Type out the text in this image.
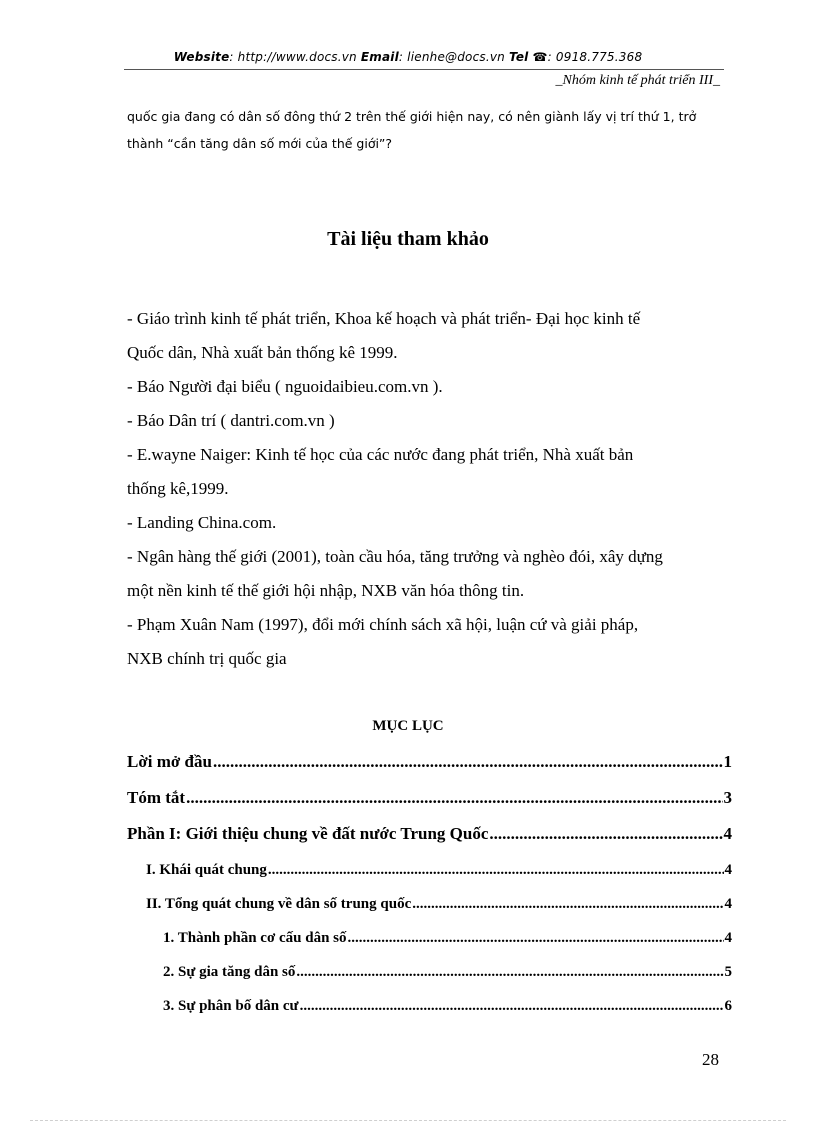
Website: http://www.docs.vn Email: lienhe@docs.vn Tel ☎: 0918.775.368
_Nhóm kinh tế phát triển III_
quốc gia đang có dân số đông thứ 2 trên thế giới hiện nay, có nên giành lấy vị trí thứ 1, trở
thành “cần tăng dân số mới của thế giới”?
Tài liệu tham khảo
- Giáo trình kinh tế phát triển, Khoa kế hoạch và phát triển- Đại học kinh tế
Quốc dân, Nhà xuất bản thống kê 1999.
- Báo Người đại biểu ( nguoidaibieu.com.vn ).
- Báo Dân trí ( dantri.com.vn )
- E.wayne Naiger: Kinh tế học của các nước đang phát triển, Nhà xuất bản
thống kê,1999.
- Landing China.com.
- Ngân hàng thế giới (2001), toàn cầu hóa, tăng trưởng và nghèo đói, xây dựng
một nền kinh tế thế giới hội nhập, NXB văn hóa thông tin.
- Phạm Xuân Nam (1997), đổi mới chính sách xã hội, luận cứ và giải pháp,
NXB chính trị quốc gia
MỤC LỤC
Lời mở đầu .....	1
Tóm tắt .....	3
Phần I: Giới thiệu chung về đất nước Trung Quốc .....	4
I. Khái quát chung .....	4
II. Tổng quát chung về dân số trung quốc .....	4
1. Thành phần cơ cấu dân số .....	4
2. Sự gia tăng dân số .....	5
3. Sự phân bố dân cư .....	6
28
